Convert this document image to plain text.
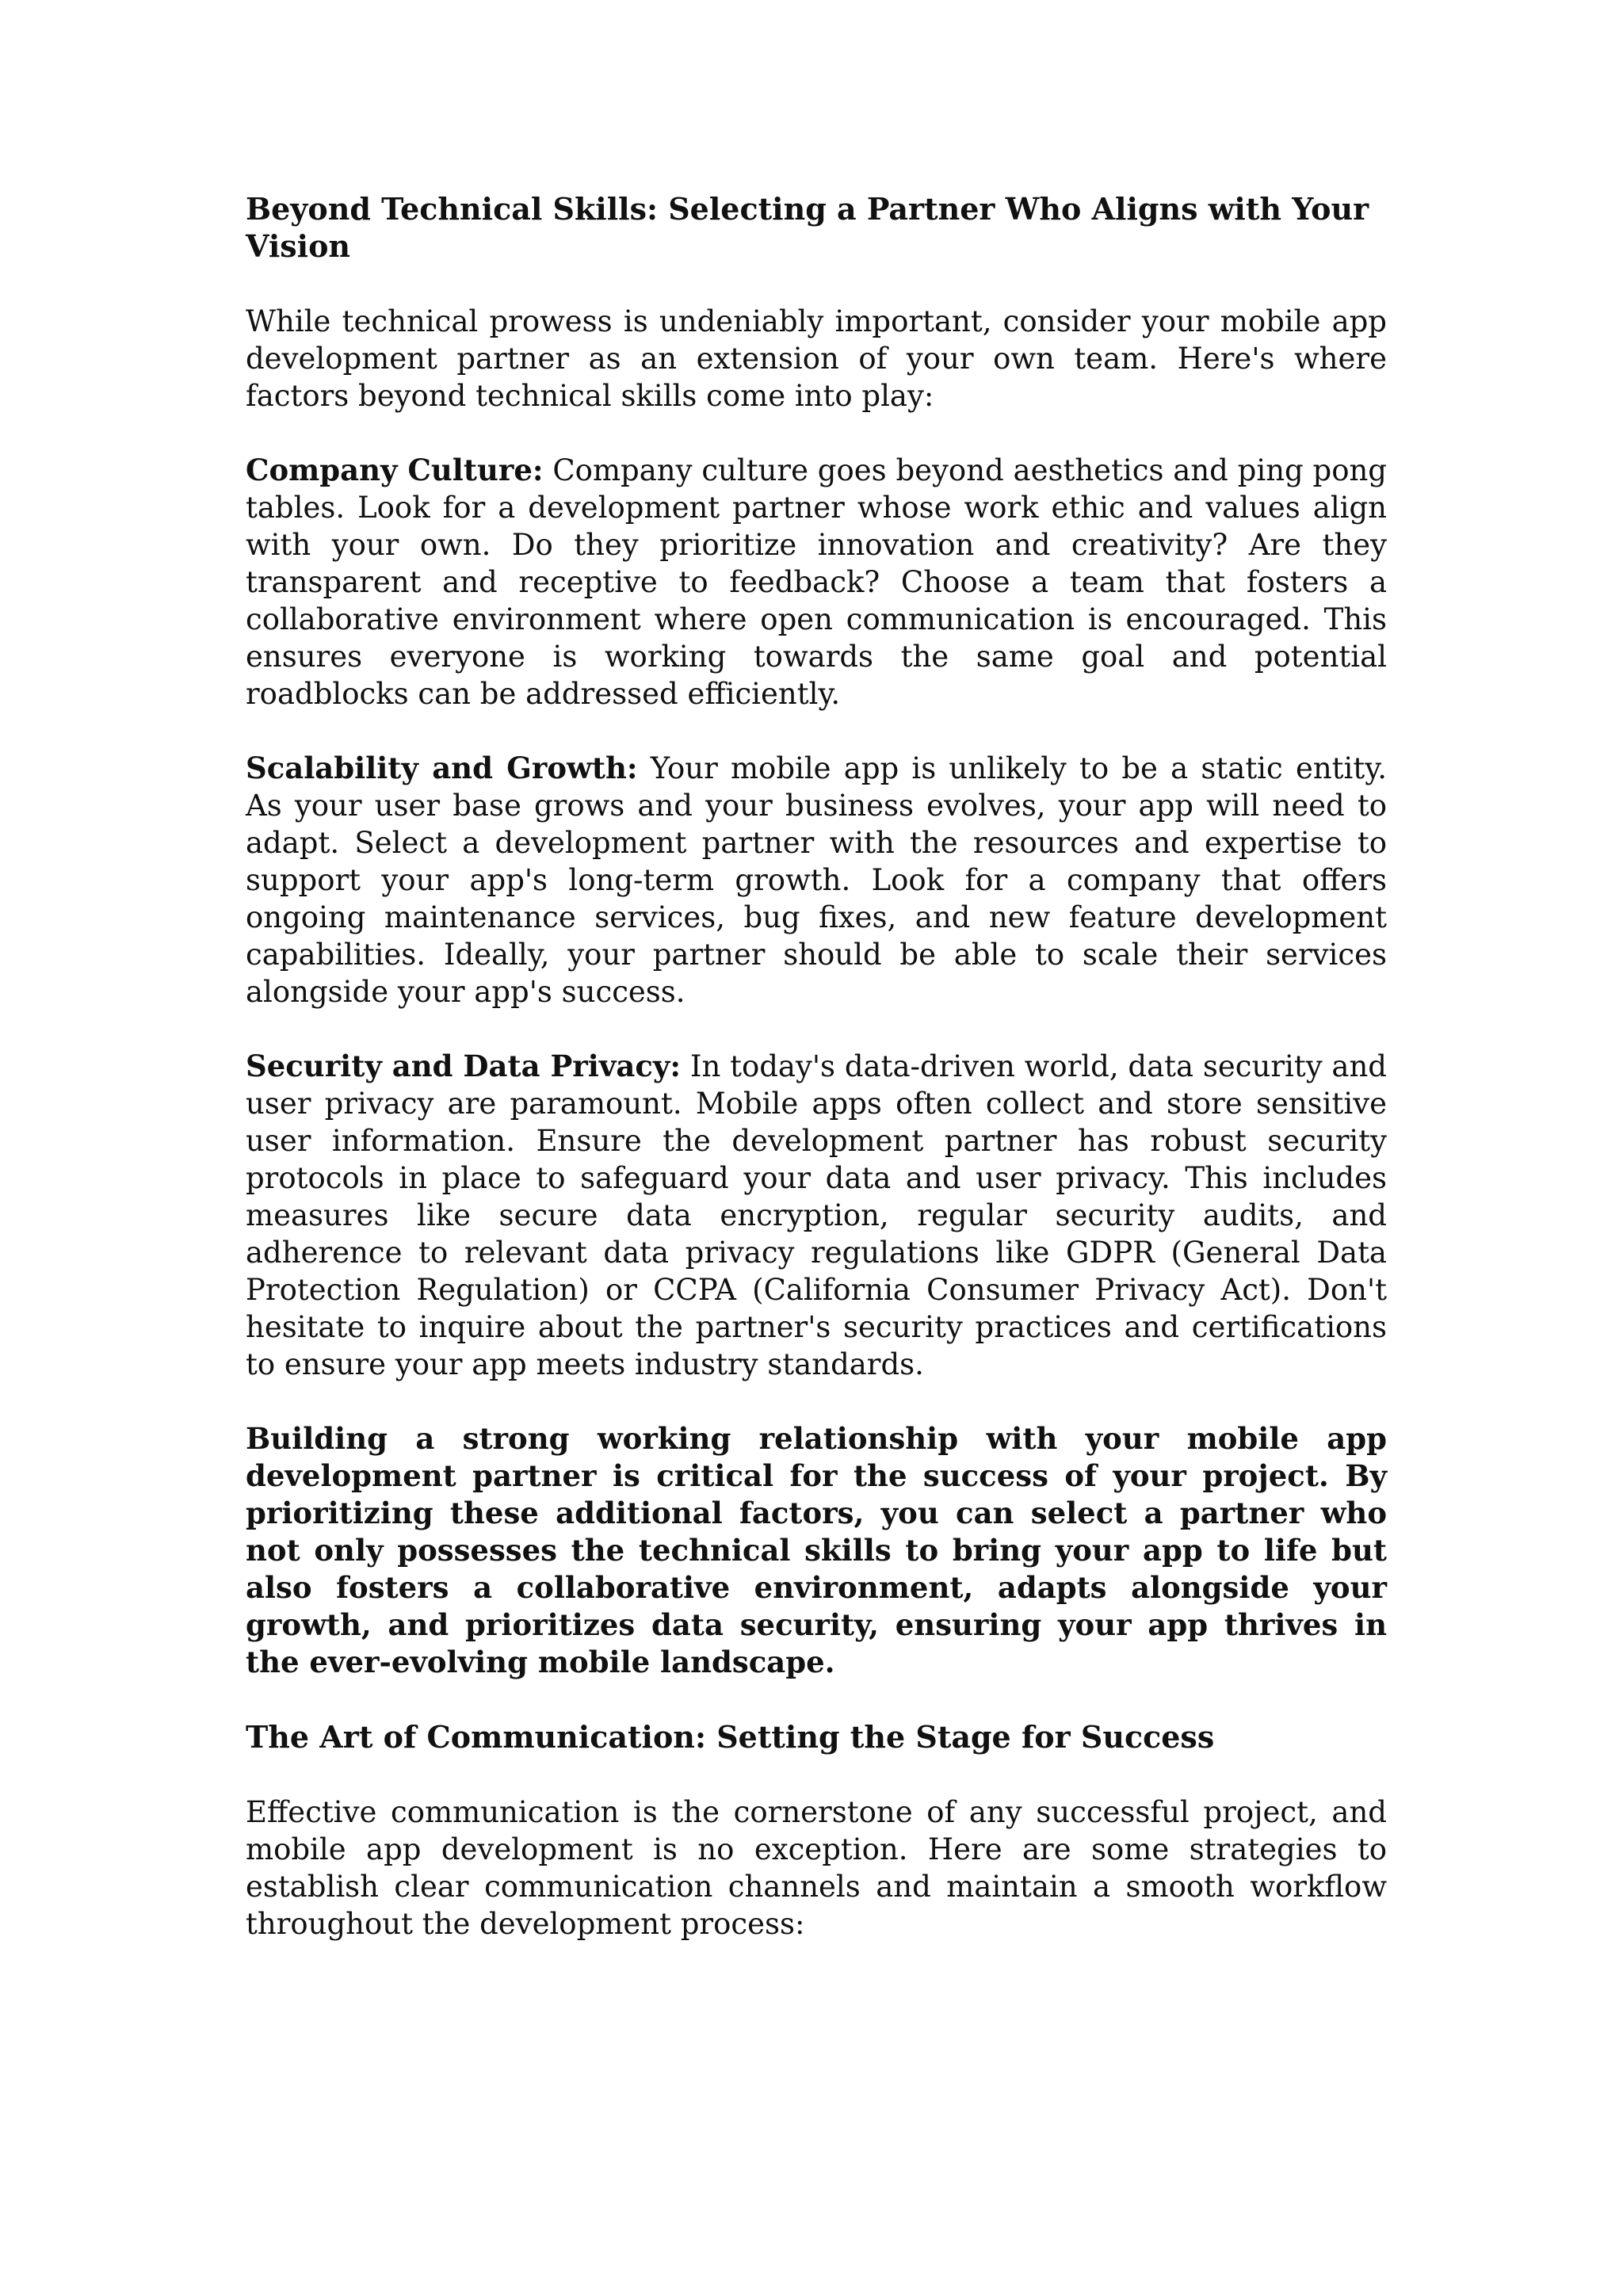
Beyond Technical Skills: Selecting a Partner Who Aligns with Your Vision

While technical prowess is undeniably important, consider your mobile app development partner as an extension of your own team. Here's where factors beyond technical skills come into play:

Company Culture: Company culture goes beyond aesthetics and ping pong tables. Look for a development partner whose work ethic and values align with your own. Do they prioritize innovation and creativity? Are they transparent and receptive to feedback? Choose a team that fosters a collaborative environment where open communication is encouraged. This ensures everyone is working towards the same goal and potential roadblocks can be addressed efficiently.

Scalability and Growth: Your mobile app is unlikely to be a static entity. As your user base grows and your business evolves, your app will need to adapt. Select a development partner with the resources and expertise to support your app's long-term growth. Look for a company that offers ongoing maintenance services, bug fixes, and new feature development capabilities. Ideally, your partner should be able to scale their services alongside your app's success.

Security and Data Privacy: In today's data-driven world, data security and user privacy are paramount. Mobile apps often collect and store sensitive user information. Ensure the development partner has robust security protocols in place to safeguard your data and user privacy. This includes measures like secure data encryption, regular security audits, and adherence to relevant data privacy regulations like GDPR (General Data Protection Regulation) or CCPA (California Consumer Privacy Act). Don't hesitate to inquire about the partner's security practices and certifications to ensure your app meets industry standards.

Building a strong working relationship with your mobile app development partner is critical for the success of your project. By prioritizing these additional factors, you can select a partner who not only possesses the technical skills to bring your app to life but also fosters a collaborative environment, adapts alongside your growth, and prioritizes data security, ensuring your app thrives in the ever-evolving mobile landscape.

The Art of Communication: Setting the Stage for Success

Effective communication is the cornerstone of any successful project, and mobile app development is no exception. Here are some strategies to establish clear communication channels and maintain a smooth workflow throughout the development process:
